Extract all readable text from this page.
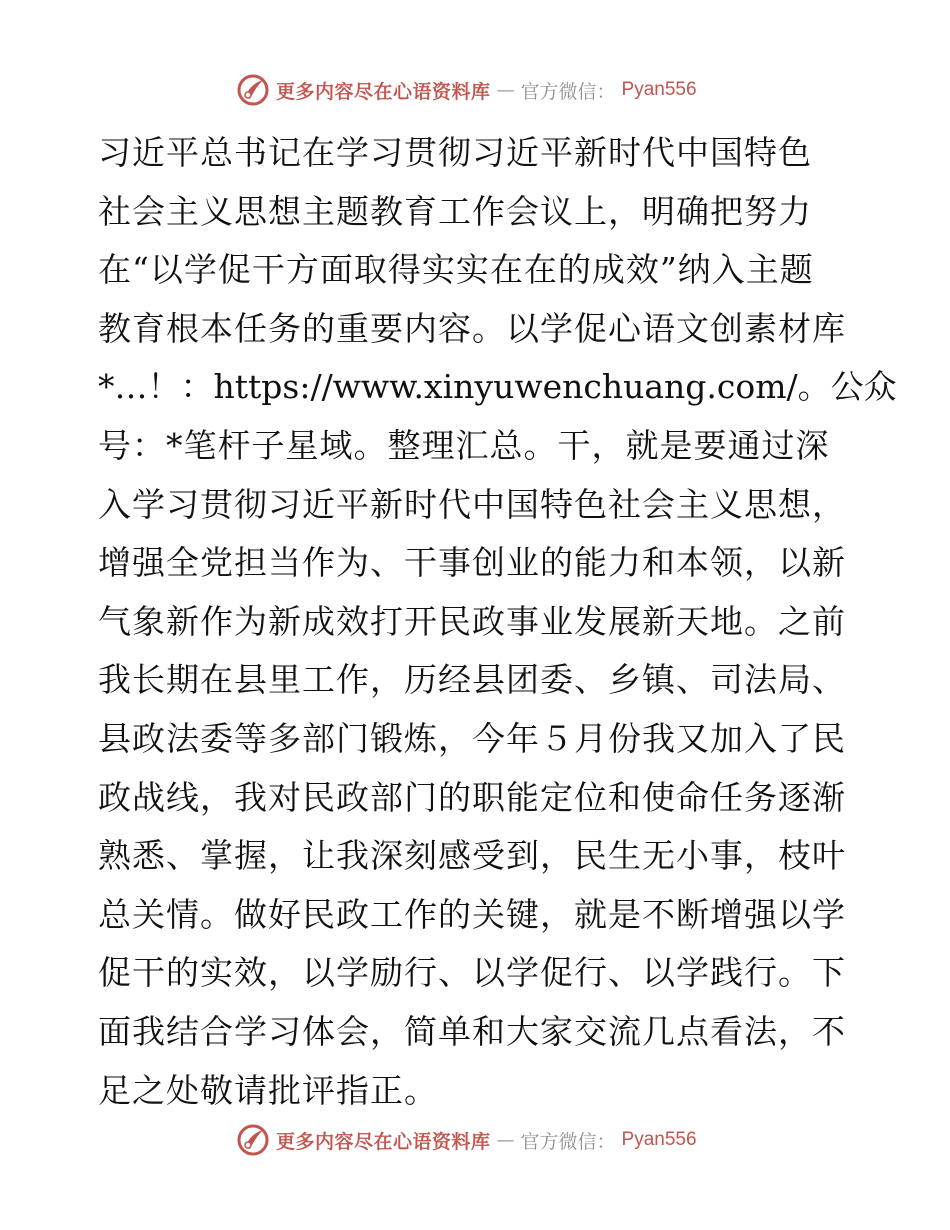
更多内容尽在心语资料库 — 官方微信： Pyan556
习近平总书记在学习贯彻习近平新时代中国特色
社会主义思想主题教育工作会议上，明确把努力
在“以学促干方面取得实实在在的成效”纳入主题
教育根本任务的重要内容。以学促心语文创素材库
*…！：https://www.xinyuwenchuang.com/。公众
号：*笔杆子星域。整理汇总。干，就是要通过深
入学习贯彻习近平新时代中国特色社会主义思想，
增强全党担当作为、干事创业的能力和本领，以新
气象新作为新成效打开民政事业发展新天地。之前
我长期在县里工作，历经县团委、乡镇、司法局、
县政法委等多部门锻炼，今年５月份我又加入了民
政战线，我对民政部门的职能定位和使命任务逐渐
熟悉、掌握，让我深刻感受到，民生无小事，枝叶
总关情。做好民政工作的关键，就是不断增强以学
促干的实效，以学励行、以学促行、以学践行。下
面我结合学习体会，简单和大家交流几点看法，不
足之处敬请批评指正。
更多内容尽在心语资料库 — 官方微信： Pyan556
